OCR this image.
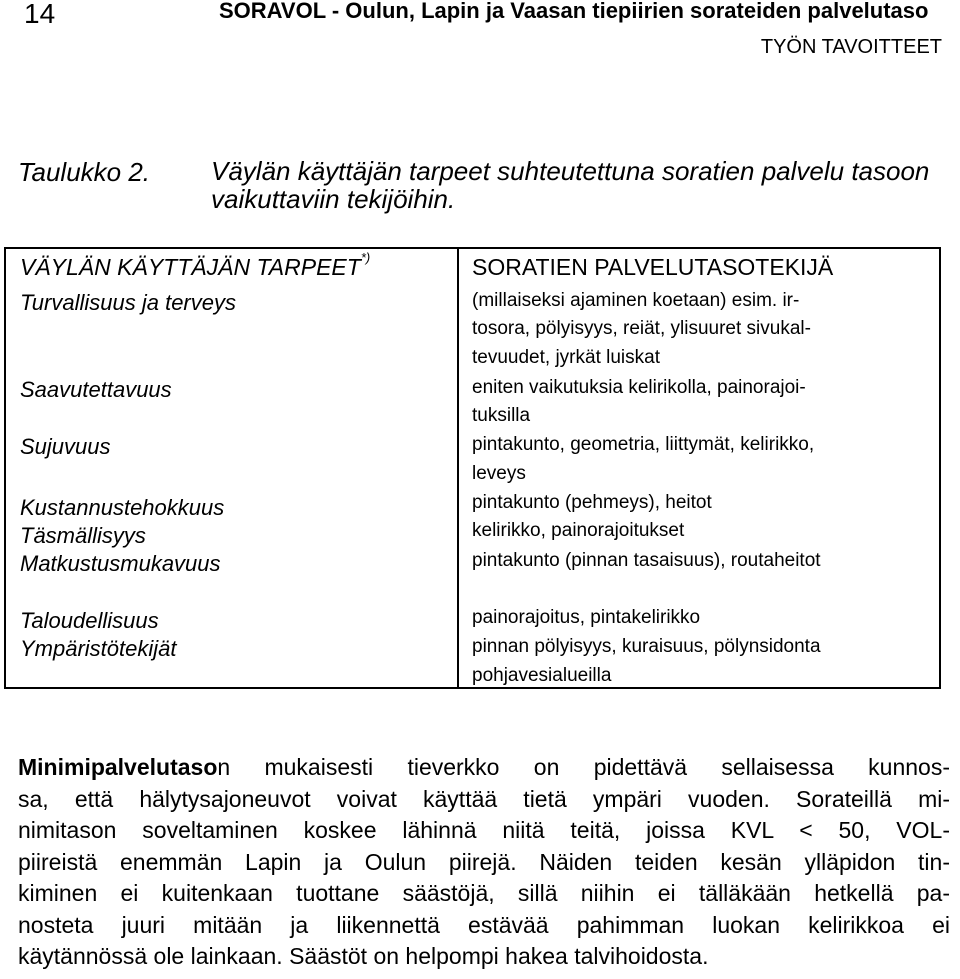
14	SORAVOL - Oulun, Lapin ja Vaasan tiepiirien sorateiden palvelutaso
TYÖN TAVOITTEET
Taulukko 2. Väylän käyttäjän tarpeet suhteutettuna soratien palvelu tasoon vaikuttaviin tekijöihin.
VÄYLÄN KÄYTTÄJÄN TARPEET*)	SORATIEN PALVELUTASOTEKIJÄ
Turvallisuus ja terveys
Saavutettavuus
Sujuvuus
Kustannustehokkuus
Täsmällisyys
Matkustusmukavuus
Taloudellisuus
Ympäristötekijät
(millaiseksi ajaminen koetaan) esim. ir-
tosora, pölyisyys, reiät, ylisuuret sivukal-
tevuudet, jyrkät luiskat
eniten vaikutuksia kelirikolla, painorajoi-
tuksilla
pintakunto, geometria, liittymät, kelirikko,
leveys
pintakunto (pehmeys), heitot
kelirikko, painorajoitukset
pintakunto (pinnan tasaisuus), routaheitot
painorajoitus, pintakelirikko
pinnan pölyisyys, kuraisuus, pölynsidonta
pohjavesialueilla
Minimipalvelutason mukaisesti tieverkko on pidettävä sellaisessa kunnos-
sa, että hälytysajoneuvot voivat käyttää tietä ympäri vuoden. Sorateillä mi-
nimitason soveltaminen koskee lähinnä niitä teitä, joissa KVL < 50, VOL-
piireistä enemmän Lapin ja Oulun piirejä. Näiden teiden kesän ylläpidon tin-
kiminen ei kuitenkaan tuottane säästöjä, sillä niihin ei tälläkään hetkellä pa-
nosteta juuri mitään ja liikennettä estävää pahimman luokan kelirikkoa ei
käytännössä ole lainkaan. Säästöt on helpompi hakea talvihoidosta.
